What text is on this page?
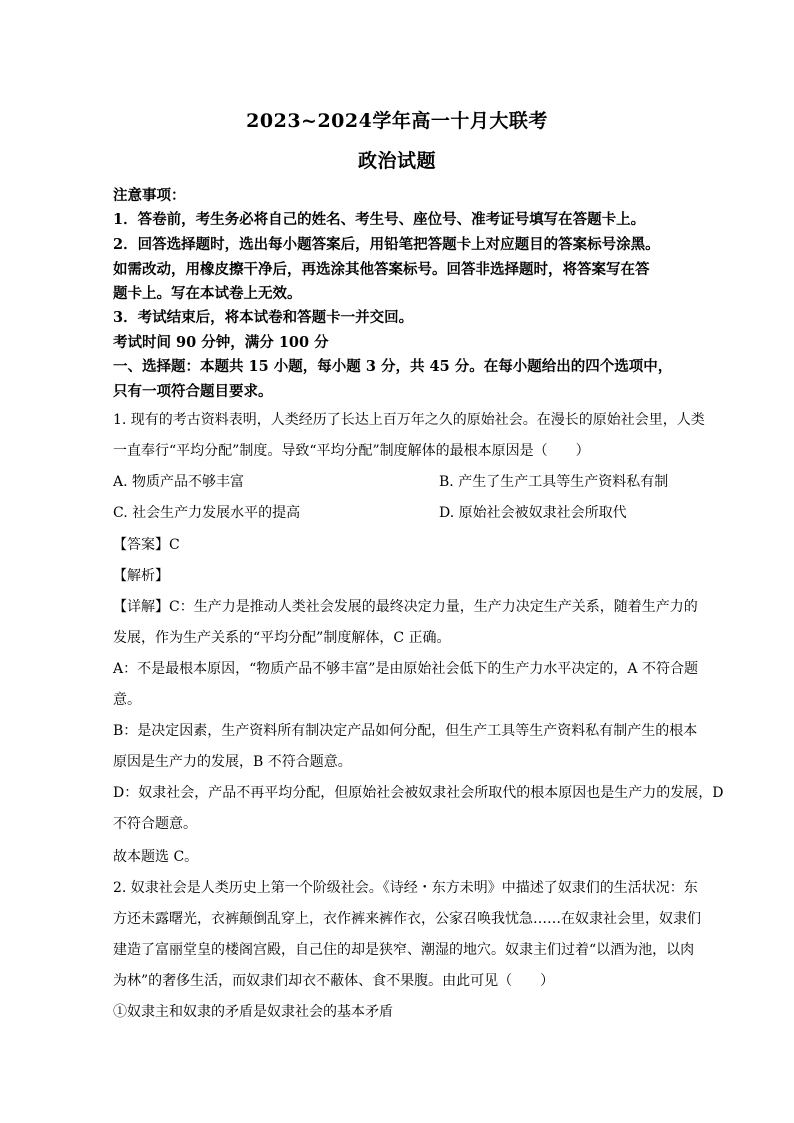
2023~2024学年高一十月大联考
政治试题
注意事项：
1．答卷前，考生务必将自己的姓名、考生号、座位号、准考证号填写在答题卡上。
2．回答选择题时，选出每小题答案后，用铅笔把答题卡上对应题目的答案标号涂黑。
如需改动，用橡皮擦干净后，再选涂其他答案标号。回答非选择题时，将答案写在答
题卡上。写在本试卷上无效。
3．考试结束后，将本试卷和答题卡一并交回。
考试时间 90 分钟，满分 100 分
一、选择题：本题共 15 小题，每小题 3 分，共 45 分。在每小题给出的四个选项中，
只有一项符合题目要求。
1. 现有的考古资料表明，人类经历了长达上百万年之久的原始社会。在漫长的原始社会里，人类
一直奉行“平均分配”制度。导致“平均分配”制度解体的最根本原因是（　　）
A. 物质产品不够丰富	B. 产生了生产工具等生产资料私有制
C. 社会生产力发展水平的提高	D. 原始社会被奴隶社会所取代
【答案】C
【解析】
【详解】C：生产力是推动人类社会发展的最终决定力量，生产力决定生产关系，随着生产力的
发展，作为生产关系的“平均分配”制度解体，C 正确。
A：不是最根本原因，“物质产品不够丰富”是由原始社会低下的生产力水平决定的，A 不符合题
意。
B：是决定因素，生产资料所有制决定产品如何分配，但生产工具等生产资料私有制产生的根本
原因是生产力的发展，B 不符合题意。
D：奴隶社会，产品不再平均分配，但原始社会被奴隶社会所取代的根本原因也是生产力的发展，D
不符合题意。
故本题选 C。
2. 奴隶社会是人类历史上第一个阶级社会。《诗经・东方未明》中描述了奴隶们的生活状况：东
方还未露曙光，衣裤颠倒乱穿上，衣作裤来裤作衣，公家召唤我忧急……在奴隶社会里，奴隶们
建造了富丽堂皇的楼阁宫殿，自己住的却是狭窄、潮湿的地穴。奴隶主们过着“以酒为池，以肉
为林”的奢侈生活，而奴隶们却衣不蔽体、食不果腹。由此可见（　　）
①奴隶主和奴隶的矛盾是奴隶社会的基本矛盾
